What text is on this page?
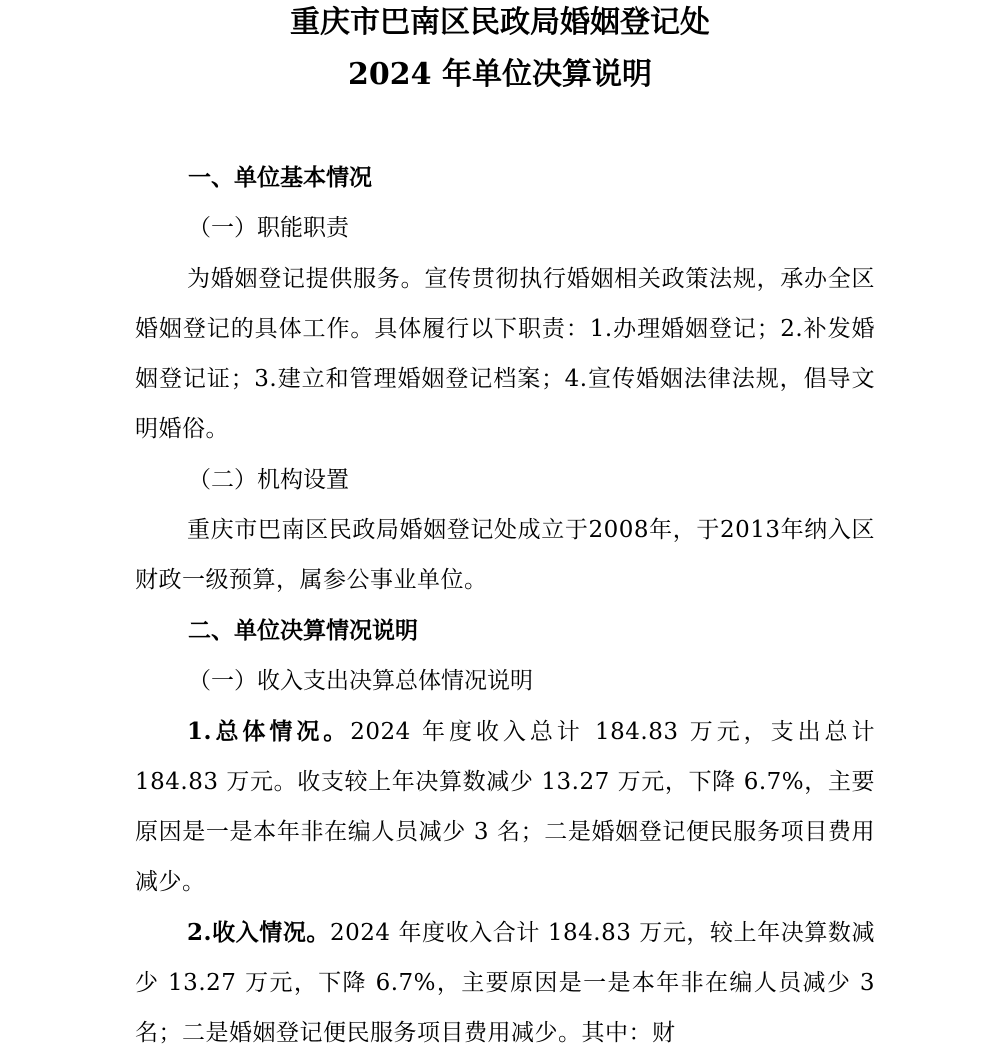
重庆市巴南区民政局婚姻登记处
2024 年单位决算说明
一、单位基本情况
（一）职能职责
为婚姻登记提供服务。宣传贯彻执行婚姻相关政策法规，承办全区婚姻登记的具体工作。具体履行以下职责：1.办理婚姻登记；2.补发婚姻登记证；3.建立和管理婚姻登记档案；4.宣传婚姻法律法规，倡导文明婚俗。
（二）机构设置
重庆市巴南区民政局婚姻登记处成立于2008年，于2013年纳入区财政一级预算，属参公事业单位。
二、单位决算情况说明
（一）收入支出决算总体情况说明
1.总体情况。2024 年度收入总计 184.83 万元，支出总计184.83 万元。收支较上年决算数减少 13.27 万元，下降 6.7%，主要原因是一是本年非在编人员减少 3 名；二是婚姻登记便民服务项目费用减少。
2.收入情况。2024 年度收入合计 184.83 万元，较上年决算数减少 13.27 万元，下降 6.7%，主要原因是一是本年非在编人员减少 3 名；二是婚姻登记便民服务项目费用减少。其中：财
